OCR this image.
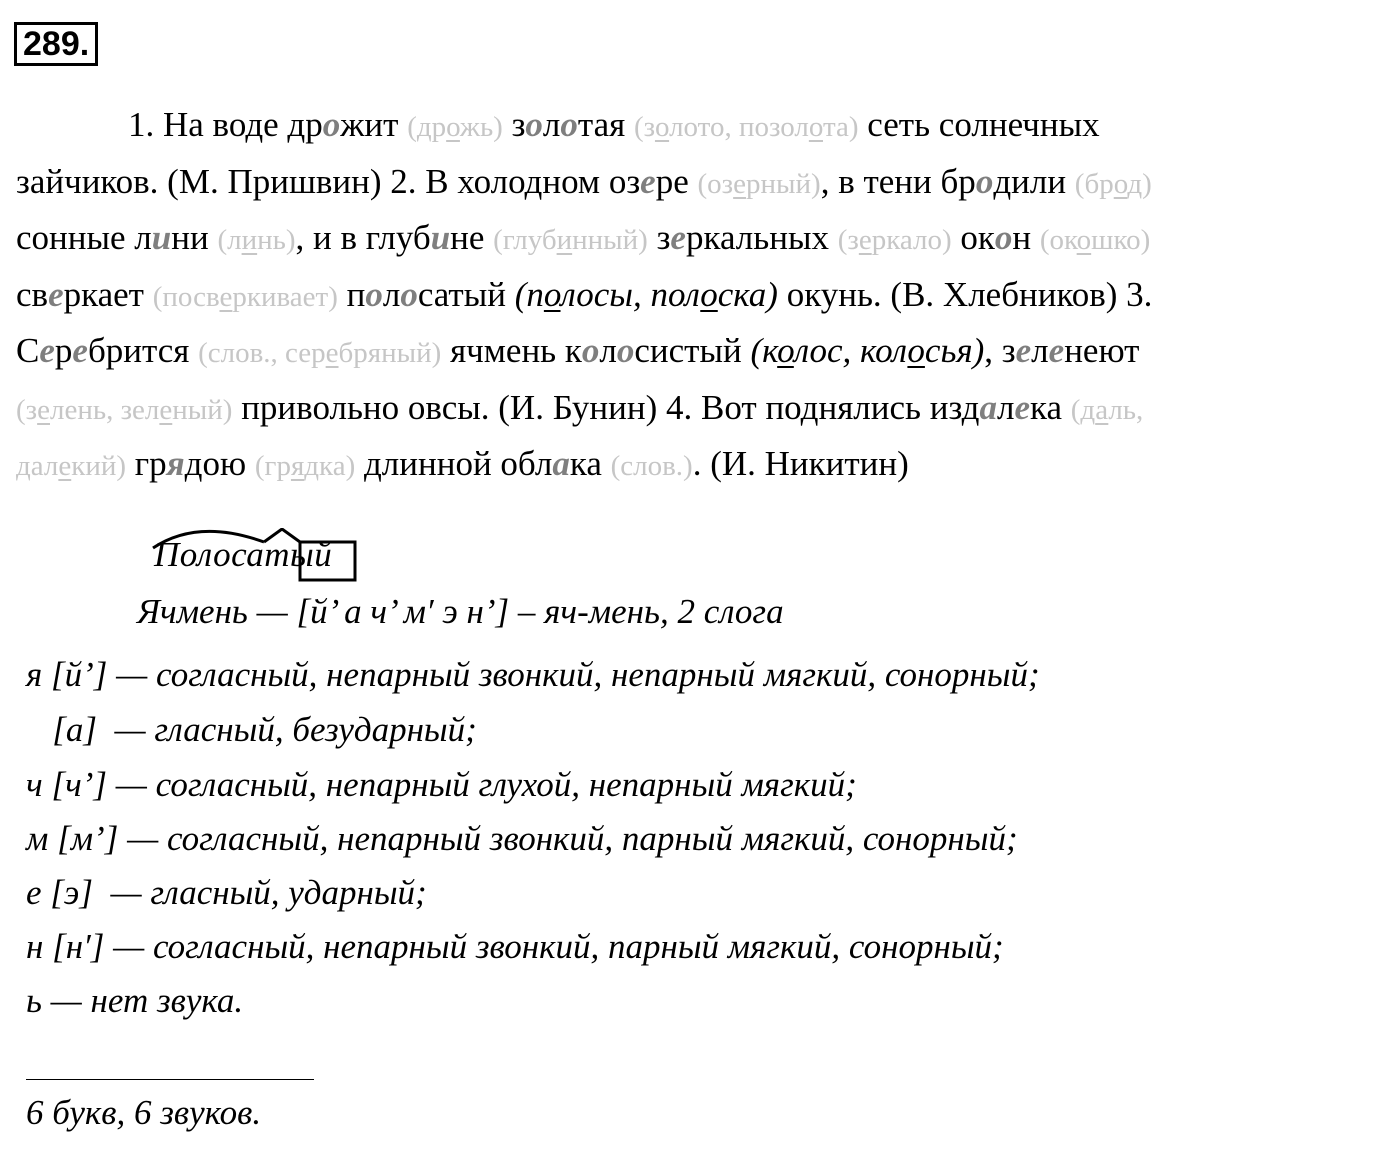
289.
1. На воде дрожит (дрожь) золотая (золото, позолота) сеть солнечных
зайчиков. (М. Пришвин) 2. В холодном озере (озерный), в тени бродили (брод)
сонные лини (линь), и в глубине (глубинный) зеркальных (зеркало) окон (окошко)
сверкает (посверкивает) полосатый (полосы, полоска) окунь. (В. Хлебников) 3.
Серебрится (слов., серебряный) ячмень колосистый (колос, колосья), зеленеют
(зелень, зеленый) привольно овсы. (И. Бунин) 4. Вот поднялись издалека (даль,
далекий) грядою (грядка) длинной облака (слов.). (И. Никитин)
Полосатый
Ячмень — [й’ а ч’ м′ э н’] – яч-мень, 2 слога
я [й’] — согласный, непарный звонкий, непарный мягкий, сонорный;
[а]  — гласный, безударный;
ч [ч’] — согласный, непарный глухой, непарный мягкий;
м [м’] — согласный, непарный звонкий, парный мягкий, сонорный;
е [э]  — гласный, ударный;
н [н′] — согласный, непарный звонкий, парный мягкий, сонорный;
ь — нет звука.
6 букв, 6 звуков.
